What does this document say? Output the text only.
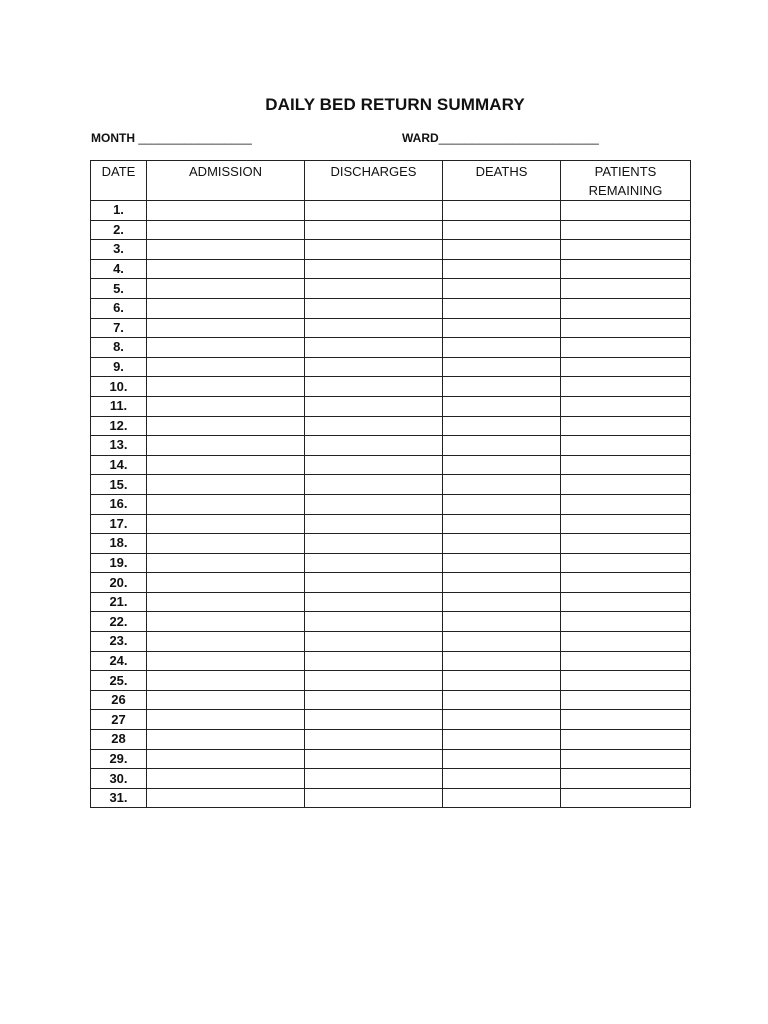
DAILY BED RETURN SUMMARY
MONTH _________________	WARD________________________
DATE	ADMISSION	DISCHARGES	DEATHS	PATIENTS REMAINING
1.				
2.				
3.				
4.				
5.				
6.				
7.				
8.				
9.				
10.				
11.				
12.				
13.				
14.				
15.				
16.				
17.				
18.				
19.				
20.				
21.				
22.				
23.				
24.				
25.				
26				
27				
28				
29.				
30.				
31.				
